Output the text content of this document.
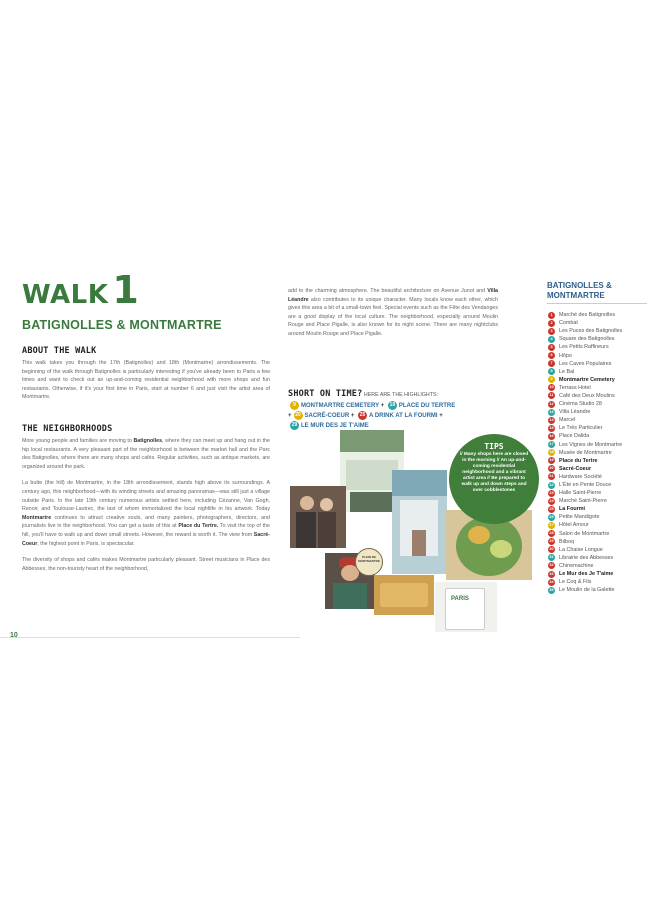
WALK 1
BATIGNOLLES & MONTMARTRE
ABOUT THE WALK

This walk takes you through the 17th (Batignolles) and 18th (Montmartre) arrondissements. The beginning of the walk through Batignolles is particularly interesting if you've already been to Paris a few times and want to check out an up-and-coming residential neighborhood with more shops and fun restaurants. Otherwise, if it's your first time in Paris, start at number 6 and just visit the artist area of Montmartre.

THE NEIGHBORHOODS

More young people and families are moving to Batignolles, where they can meet up and hang out in the hip local restaurants. A very pleasant part of the neighborhood is between the market hall and the Parc des Batignolles, where there are many shops and cafés. Regular activities, such as antique markets, are organized around the park.

La butte (the hill) de Montmartre, in the 18th arrondissement, stands high above its surroundings. A century ago, this neighborhood—with its winding streets and amazing panoramas—was still just a village outside Paris. In the late 19th century numerous artists settled here, including Cézanne, Van Gogh, Renoir, and Toulouse-Lautrec, the last of whom immortalized the local nightlife in his artwork. Today Montmartre continues to attract creative souls, and many painters, photographers, directors, and journalists live in the neighborhood. You can get a taste of this at Place du Tertre. To visit the top of the hill, you'll have to walk up and down small streets. However, the reward is worth it. The view from Sacré-Coeur, the highest point in Paris, is spectacular.

The diversity of shops and cafés makes Montmartre particularly pleasant. Street musicians in Place des Abbesses, the non-touristy heart of the neighborhood,

10

add to the charming atmosphere. The beautiful architecture on Avenue Junot and Villa Léandre also contributes to its unique character. Many locals know each other, which gives this area a bit of a small-town feel. Special events such as the Fête des Vendanges are a good display of the local culture. The neighborhood, especially around Moulin Rouge and Place Pigalle, is also known for its night scene. There are many nightclubs around Moulin Rouge and Place Pigalle.

SHORT ON TIME? HERE ARE THE HIGHLIGHTS:
9 MONTMARTRE CEMETERY + 19 PLACE DU TERTRE
+ 20 SACRÉ-COEUR + 25 A DRINK AT LA FOURMI +
29 LE MUR DES JE T'AIME
PLEIN DE MONTMARTRE
PARIS
TIPS
// Many shops here are closed in the morning // An up-and-coming residential neighborhood and a vibrant artist area // Be prepared to walk up and down steps and over cobblestones
BATIGNOLLES & MONTMARTRE
1	Marché des Batignolles
2	Combat
3	Les Puces des Batignolles
4	Square des Batignolles
5	Les Petits Raffineurs
6	Hôpo
7	Les Caves Populaires
8	Le Bal
9	Montmartre Cemetery
10 Terrass Hotel
11 Café des Deux Moulins
12 Cinéma Studio 28
13 Villa Léandre
14 Marcel
15 Le Très Particulier
16 Place Dalida
17 Les Vignes de Montmartre
18 Musée de Montmartre
19 Place du Tertre
20 Sacré-Coeur
21 Hardware Société
22 L'Été en Pente Douce
23 Halle Saint-Pierre
24 Marché Saint-Pierre
25 La Fourmi
26 Petite Mandigote
27 Hôtel Amour
28 Salon de Montmartre
29 Bilboq
30 La Chaise Longue
31 Librairie des Abbesses
32 Chinemachine
33 Le Mur des Je T'aime
34 Le Coq & Fils
35 Le Moulin de la Galette
